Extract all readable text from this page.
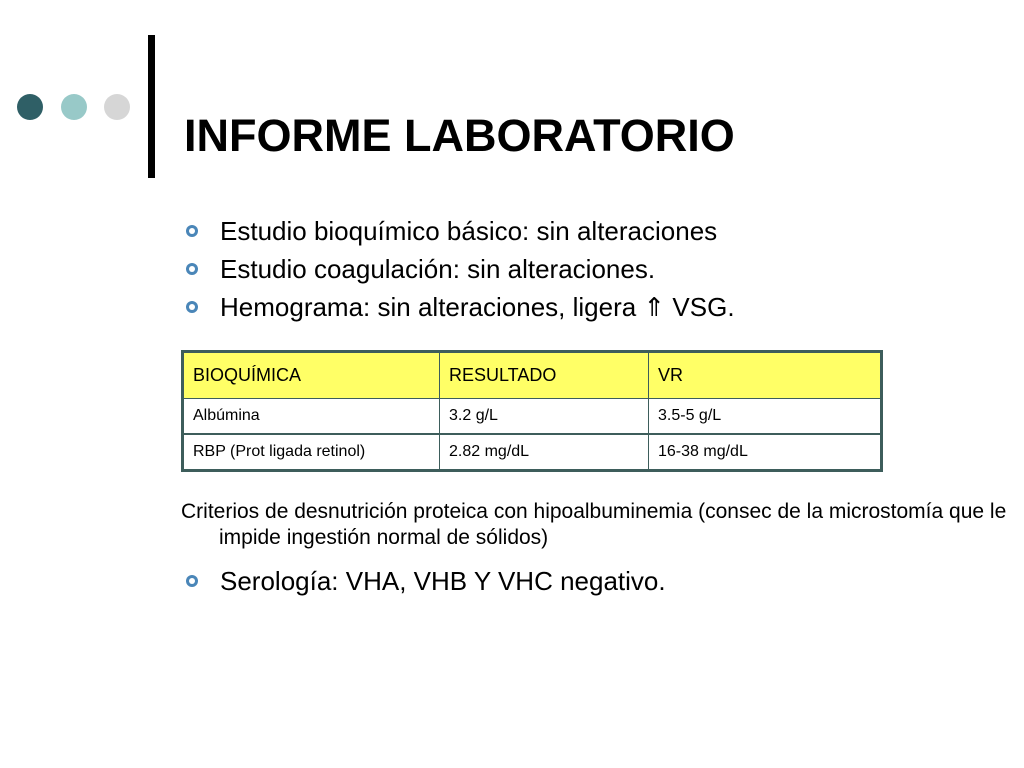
INFORME LABORATORIO
Estudio bioquímico básico: sin alteraciones
Estudio coagulación: sin alteraciones.
Hemograma: sin alteraciones, ligera ⇑ VSG.
BIOQUÍMICA	RESULTADO	VR
Albúmina	3.2 g/L	3.5-5 g/L
RBP (Prot ligada retinol)	2.82 mg/dL	16-38 mg/dL

Criterios de desnutrición proteica con hipoalbuminemia (consec de la microstomía que le impide ingestión normal de sólidos)

Serología: VHA, VHB Y VHC negativo.
